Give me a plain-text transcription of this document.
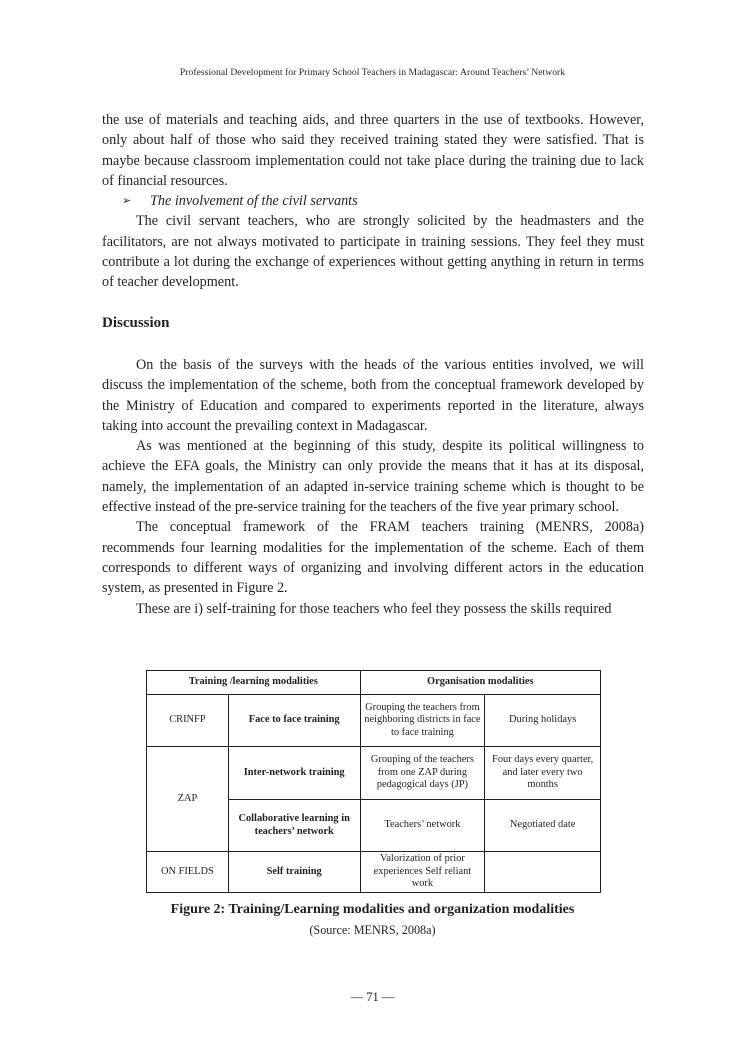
Professional Development for Primary School Teachers in Madagascar: Around Teachers’ Network

the use of materials and teaching aids, and three quarters in the use of textbooks. However, only about half of those who said they received training stated they were satisfied. That is maybe because classroom implementation could not take place during the training due to lack of financial resources.

➢	The involvement of the civil servants

The civil servant teachers, who are strongly solicited by the headmasters and the facilitators, are not always motivated to participate in training sessions. They feel they must contribute a lot during the exchange of experiences without getting anything in return in terms of teacher development.

Discussion

On the basis of the surveys with the heads of the various entities involved, we will discuss the implementation of the scheme, both from the conceptual framework developed by the Ministry of Education and compared to experiments reported in the literature, always taking into account the prevailing context in Madagascar.

As was mentioned at the beginning of this study, despite its political willingness to achieve the EFA goals, the Ministry can only provide the means that it has at its disposal, namely, the implementation of an adapted in-service training scheme which is thought to be effective instead of the pre-service training for the teachers of the five year primary school.

The conceptual framework of the FRAM teachers training (MENRS, 2008a) recommends four learning modalities for the implementation of the scheme. Each of them corresponds to different ways of organizing and involving different actors in the education system, as presented in Figure 2.

These are i) self-training for those teachers who feel they possess the skills required

Training /learning modalities		Organisation modalities	
CRINFP	Face to face training	Grouping the teachers from neighboring districts in face to face training	During holidays
ZAP	Inter-network training	Grouping of the teachers from one ZAP during pedagogical days (JP)	Four days every quarter, and later every two months
	Collaborative learning in teachers’ network	Teachers’ network	Negotiated date
ON FIELDS	Self training	Valorization of prior experiences Self reliant work	
Figure 2: Training/Learning modalities and organization modalities
(Source: MENRS, 2008a)
― 71 ―
